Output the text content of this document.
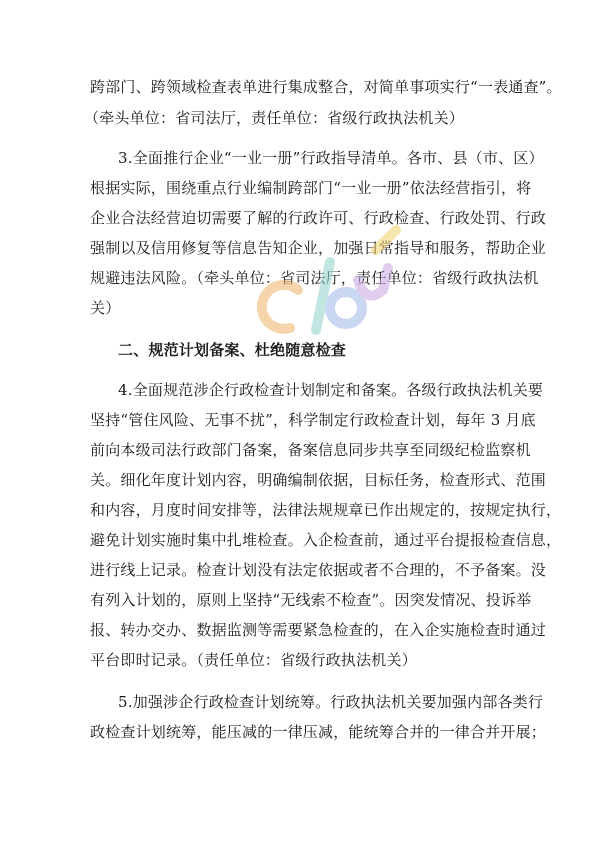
跨部门、跨领域检查表单进行集成整合，对简单事项实行“一表通查”。
（牵头单位：省司法厅，责任单位：省级行政执法机关）
3.全面推行企业“一业一册”行政指导清单。各市、县（市、区）
根据实际，围绕重点行业编制跨部门“一业一册”依法经营指引，将
企业合法经营迫切需要了解的行政许可、行政检查、行政处罚、行政
强制以及信用修复等信息告知企业，加强日常指导和服务，帮助企业
规避违法风险。（牵头单位：省司法厅，责任单位：省级行政执法机
关）
二、规范计划备案、杜绝随意检查
4.全面规范涉企行政检查计划制定和备案。各级行政执法机关要
坚持“管住风险、无事不扰”，科学制定行政检查计划，每年 3 月底
前向本级司法行政部门备案，备案信息同步共享至同级纪检监察机
关。细化年度计划内容，明确编制依据，目标任务，检查形式、范围
和内容，月度时间安排等，法律法规规章已作出规定的，按规定执行，
避免计划实施时集中扎堆检查。入企检查前，通过平台提报检查信息，
进行线上记录。检查计划没有法定依据或者不合理的，不予备案。没
有列入计划的，原则上坚持“无线索不检查”。因突发情况、投诉举
报、转办交办、数据监测等需要紧急检查的，在入企实施检查时通过
平台即时记录。（责任单位：省级行政执法机关）
5.加强涉企行政检查计划统筹。行政执法机关要加强内部各类行
政检查计划统筹，能压减的一律压减，能统筹合并的一律合并开展；
